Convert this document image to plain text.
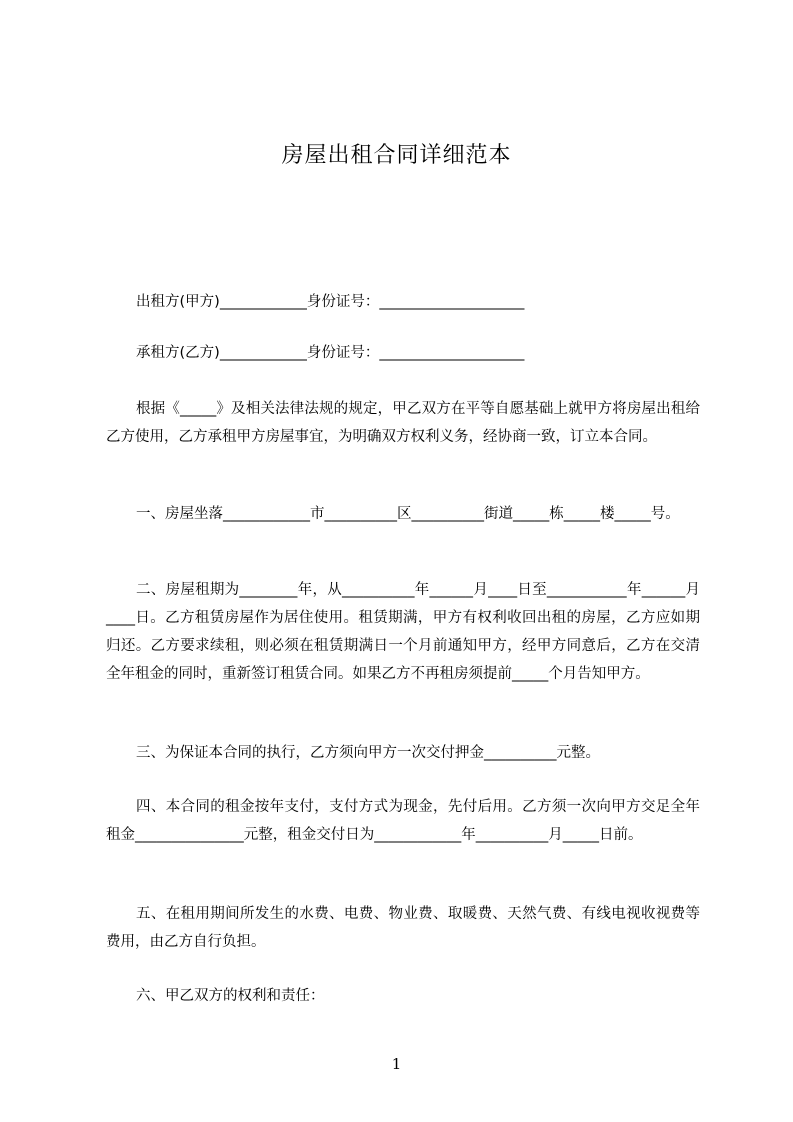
房屋出租合同详细范本

出租方(甲方)____________身份证号：____________________

承租方(乙方)____________身份证号：____________________

根据《_____》及相关法律法规的规定，甲乙双方在平等自愿基础上就甲方将房屋出租给乙方使用，乙方承租甲方房屋事宜，为明确双方权利义务，经协商一致，订立本合同。

一、房屋坐落____________市__________区__________街道_____栋_____楼_____号。

二、房屋租期为________年，从__________年______月____日至___________年______月____日。乙方租赁房屋作为居住使用。租赁期满，甲方有权利收回出租的房屋，乙方应如期归还。乙方要求续租，则必须在租赁期满日一个月前通知甲方，经甲方同意后，乙方在交清全年租金的同时，重新签订租赁合同。如果乙方不再租房须提前_____个月告知甲方。

三、为保证本合同的执行，乙方须向甲方一次交付押金__________元整。

四、本合同的租金按年支付，支付方式为现金，先付后用。乙方须一次向甲方交足全年租金_______________元整，租金交付日为____________年__________月_____日前。

五、在租用期间所发生的水费、电费、物业费、取暖费、天然气费、有线电视收视费等费用，由乙方自行负担。

六、甲乙双方的权利和责任：

1
